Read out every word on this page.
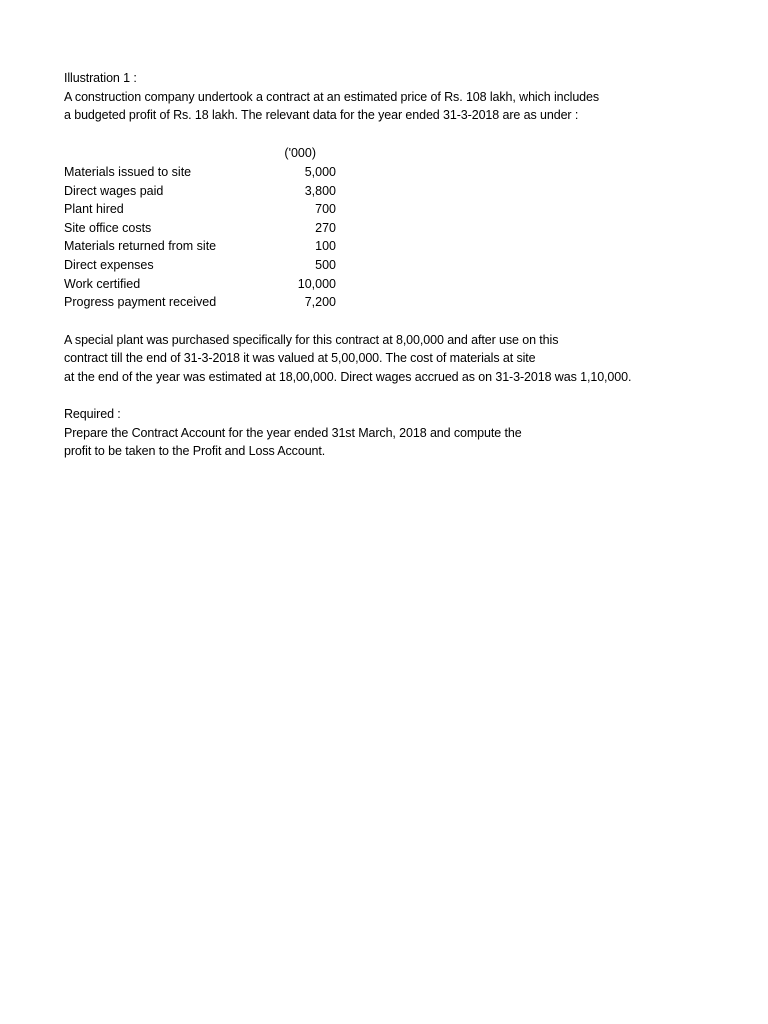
Illustration 1 :
A construction company undertook a contract at an estimated price of Rs. 108 lakh, which includes
a budgeted profit of Rs. 18 lakh. The relevant data for the year ended 31-3-2018 are as under :
('000)
Materials issued to site	5,000
Direct wages paid	3,800
Plant hired	700
Site office costs	270
Materials returned from site	100
Direct expenses	500
Work certified	10,000
Progress payment received	7,200
A special plant was purchased specifically for this contract at 8,00,000 and after use on this
contract till the end of 31-3-2018 it was valued at 5,00,000. The cost of materials at site
at the end of the year was estimated at 18,00,000. Direct wages accrued as on 31-3-2018 was 1,10,000.
Required :
Prepare the Contract Account for the year ended 31st March, 2018 and compute the
profit to be taken to the Profit and Loss Account.
